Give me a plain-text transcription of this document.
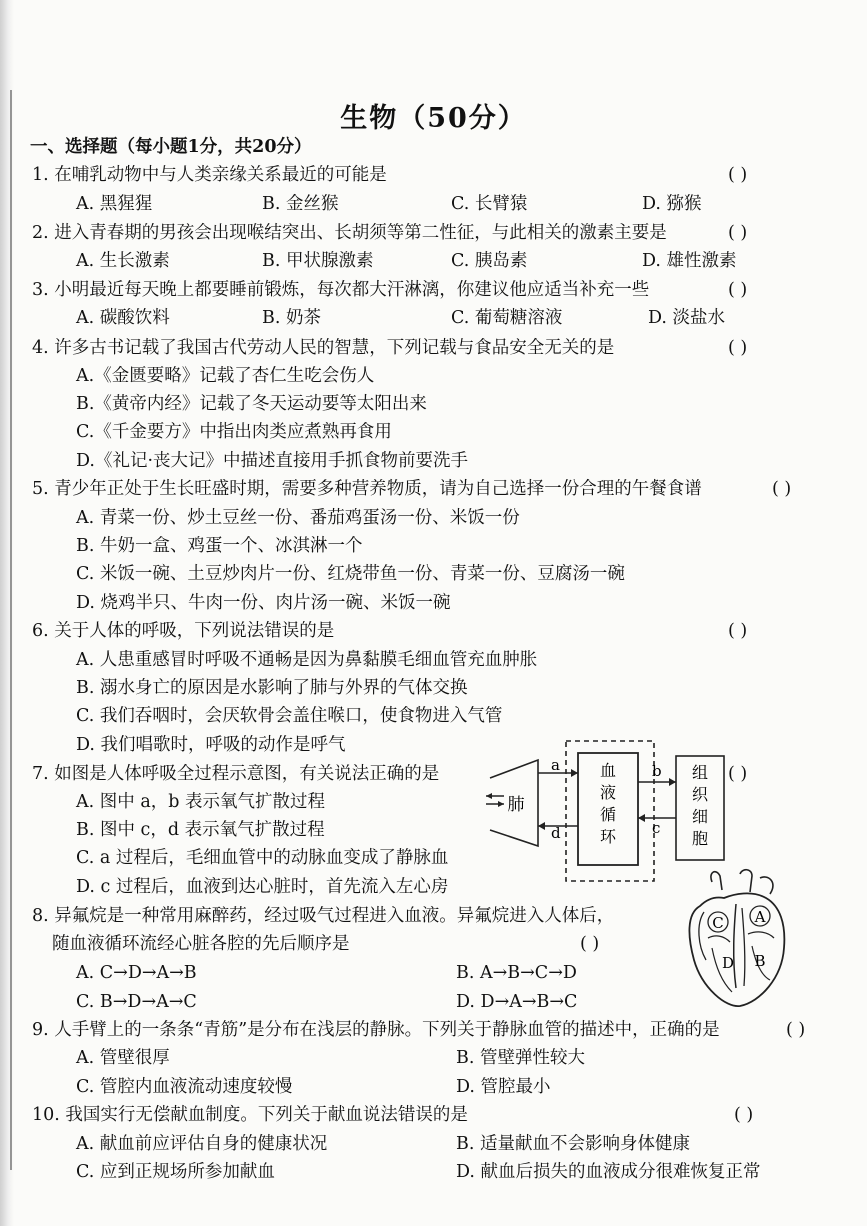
生物（50分）
一、选择题（每小题1分，共20分）
1. 在哺乳动物中与人类亲缘关系最近的可能是	( )
A. 黑猩猩	B. 金丝猴	C. 长臂猿	D. 猕猴
2. 进入青春期的男孩会出现喉结突出、长胡须等第二性征，与此相关的激素主要是	( )
A. 生长激素	B. 甲状腺激素	C. 胰岛素	D. 雄性激素
3. 小明最近每天晚上都要睡前锻炼，每次都大汗淋漓，你建议他应适当补充一些	( )
A. 碳酸饮料	B. 奶茶	C. 葡萄糖溶液	D. 淡盐水
4. 许多古书记载了我国古代劳动人民的智慧，下列记载与食品安全无关的是	( )
A.《金匮要略》记载了杏仁生吃会伤人
B.《黄帝内经》记载了冬天运动要等太阳出来
C.《千金要方》中指出肉类应煮熟再食用
D.《礼记·丧大记》中描述直接用手抓食物前要洗手
5. 青少年正处于生长旺盛时期，需要多种营养物质，请为自己选择一份合理的午餐食谱	( )
A. 青菜一份、炒土豆丝一份、番茄鸡蛋汤一份、米饭一份
B. 牛奶一盒、鸡蛋一个、冰淇淋一个
C. 米饭一碗、土豆炒肉片一份、红烧带鱼一份、青菜一份、豆腐汤一碗
D. 烧鸡半只、牛肉一份、肉片汤一碗、米饭一碗
6. 关于人体的呼吸，下列说法错误的是	( )
A. 人患重感冒时呼吸不通畅是因为鼻黏膜毛细血管充血肿胀
B. 溺水身亡的原因是水影响了肺与外界的气体交换
C. 我们吞咽时，会厌软骨会盖住喉口，使食物进入气管
D. 我们唱歌时，呼吸的动作是呼气
7. 如图是人体呼吸全过程示意图，有关说法正确的是	( )
A. 图中 a，b 表示氧气扩散过程
B. 图中 c，d 表示氧气扩散过程
C. a 过程后，毛细血管中的动脉血变成了静脉血
D. c 过程后，血液到达心脏时，首先流入左心房
血
液
循
环
肺
a
d
组
织
细
胞
b
c
8. 异氟烷是一种常用麻醉药，经过吸气过程进入血液。异氟烷进入人体后，
随血液循环流经心脏各腔的先后顺序是	( )
A. C→D→A→B	B. A→B→C→D
C. B→D→A→C	D. D→A→B→C
C A
D B
9. 人手臂上的一条条“青筋”是分布在浅层的静脉。下列关于静脉血管的描述中，正确的是	( )
A. 管壁很厚	B. 管壁弹性较大
C. 管腔内血液流动速度较慢	D. 管腔最小
10. 我国实行无偿献血制度。下列关于献血说法错误的是	( )
A. 献血前应评估自身的健康状况	B. 适量献血不会影响身体健康
C. 应到正规场所参加献血	D. 献血后损失的血液成分很难恢复正常
